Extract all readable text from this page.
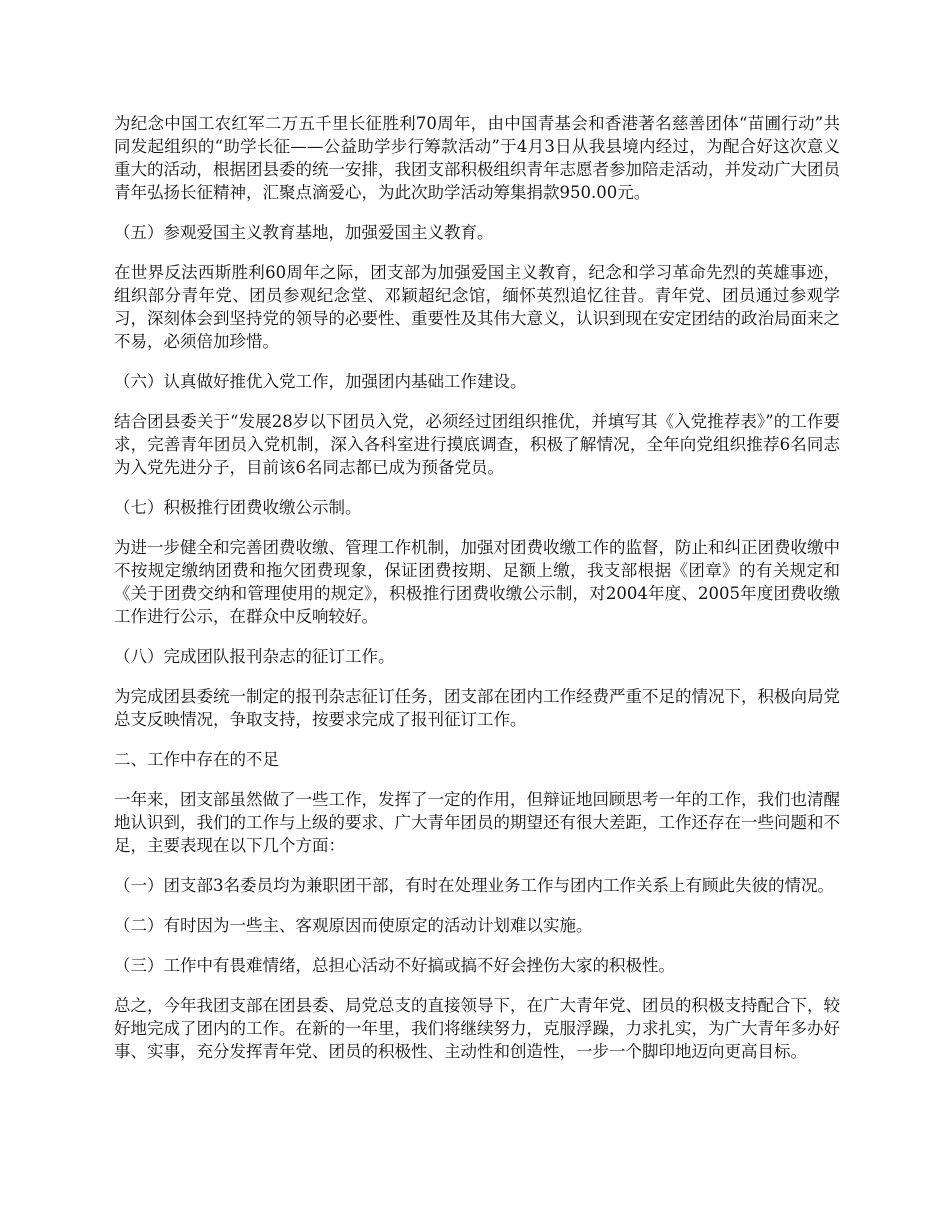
为纪念中国工农红军二万五千里长征胜利70周年，由中国青基会和香港著名慈善团体“苗圃行动”共同发起组织的“助学长征——公益助学步行筹款活动”于4月3日从我县境内经过，为配合好这次意义重大的活动，根据团县委的统一安排，我团支部积极组织青年志愿者参加陪走活动，并发动广大团员青年弘扬长征精神，汇聚点滴爱心，为此次助学活动筹集捐款950.00元。

（五）参观爱国主义教育基地，加强爱国主义教育。

在世界反法西斯胜利60周年之际，团支部为加强爱国主义教育，纪念和学习革命先烈的英雄事迹，组织部分青年党、团员参观纪念堂、邓颖超纪念馆，缅怀英烈追忆往昔。青年党、团员通过参观学习，深刻体会到坚持党的领导的必要性、重要性及其伟大意义，认识到现在安定团结的政治局面来之不易，必须倍加珍惜。

（六）认真做好推优入党工作，加强团内基础工作建设。

结合团县委关于“发展28岁以下团员入党，必须经过团组织推优，并填写其《入党推荐表》”的工作要求，完善青年团员入党机制，深入各科室进行摸底调查，积极了解情况，全年向党组织推荐6名同志为入党先进分子，目前该6名同志都已成为预备党员。

（七）积极推行团费收缴公示制。

为进一步健全和完善团费收缴、管理工作机制，加强对团费收缴工作的监督，防止和纠正团费收缴中不按规定缴纳团费和拖欠团费现象，保证团费按期、足额上缴，我支部根据《团章》的有关规定和《关于团费交纳和管理使用的规定》，积极推行团费收缴公示制，对2004年度、2005年度团费收缴工作进行公示，在群众中反响较好。

（八）完成团队报刊杂志的征订工作。

为完成团县委统一制定的报刊杂志征订任务，团支部在团内工作经费严重不足的情况下，积极向局党总支反映情况，争取支持，按要求完成了报刊征订工作。

二、工作中存在的不足

一年来，团支部虽然做了一些工作，发挥了一定的作用，但辩证地回顾思考一年的工作，我们也清醒地认识到，我们的工作与上级的要求、广大青年团员的期望还有很大差距，工作还存在一些问题和不足，主要表现在以下几个方面：

（一）团支部3名委员均为兼职团干部，有时在处理业务工作与团内工作关系上有顾此失彼的情况。

（二）有时因为一些主、客观原因而使原定的活动计划难以实施。

（三）工作中有畏难情绪，总担心活动不好搞或搞不好会挫伤大家的积极性。

总之，今年我团支部在团县委、局党总支的直接领导下，在广大青年党、团员的积极支持配合下，较好地完成了团内的工作。在新的一年里，我们将继续努力，克服浮躁，力求扎实，为广大青年多办好事、实事，充分发挥青年党、团员的积极性、主动性和创造性，一步一个脚印地迈向更高目标。
